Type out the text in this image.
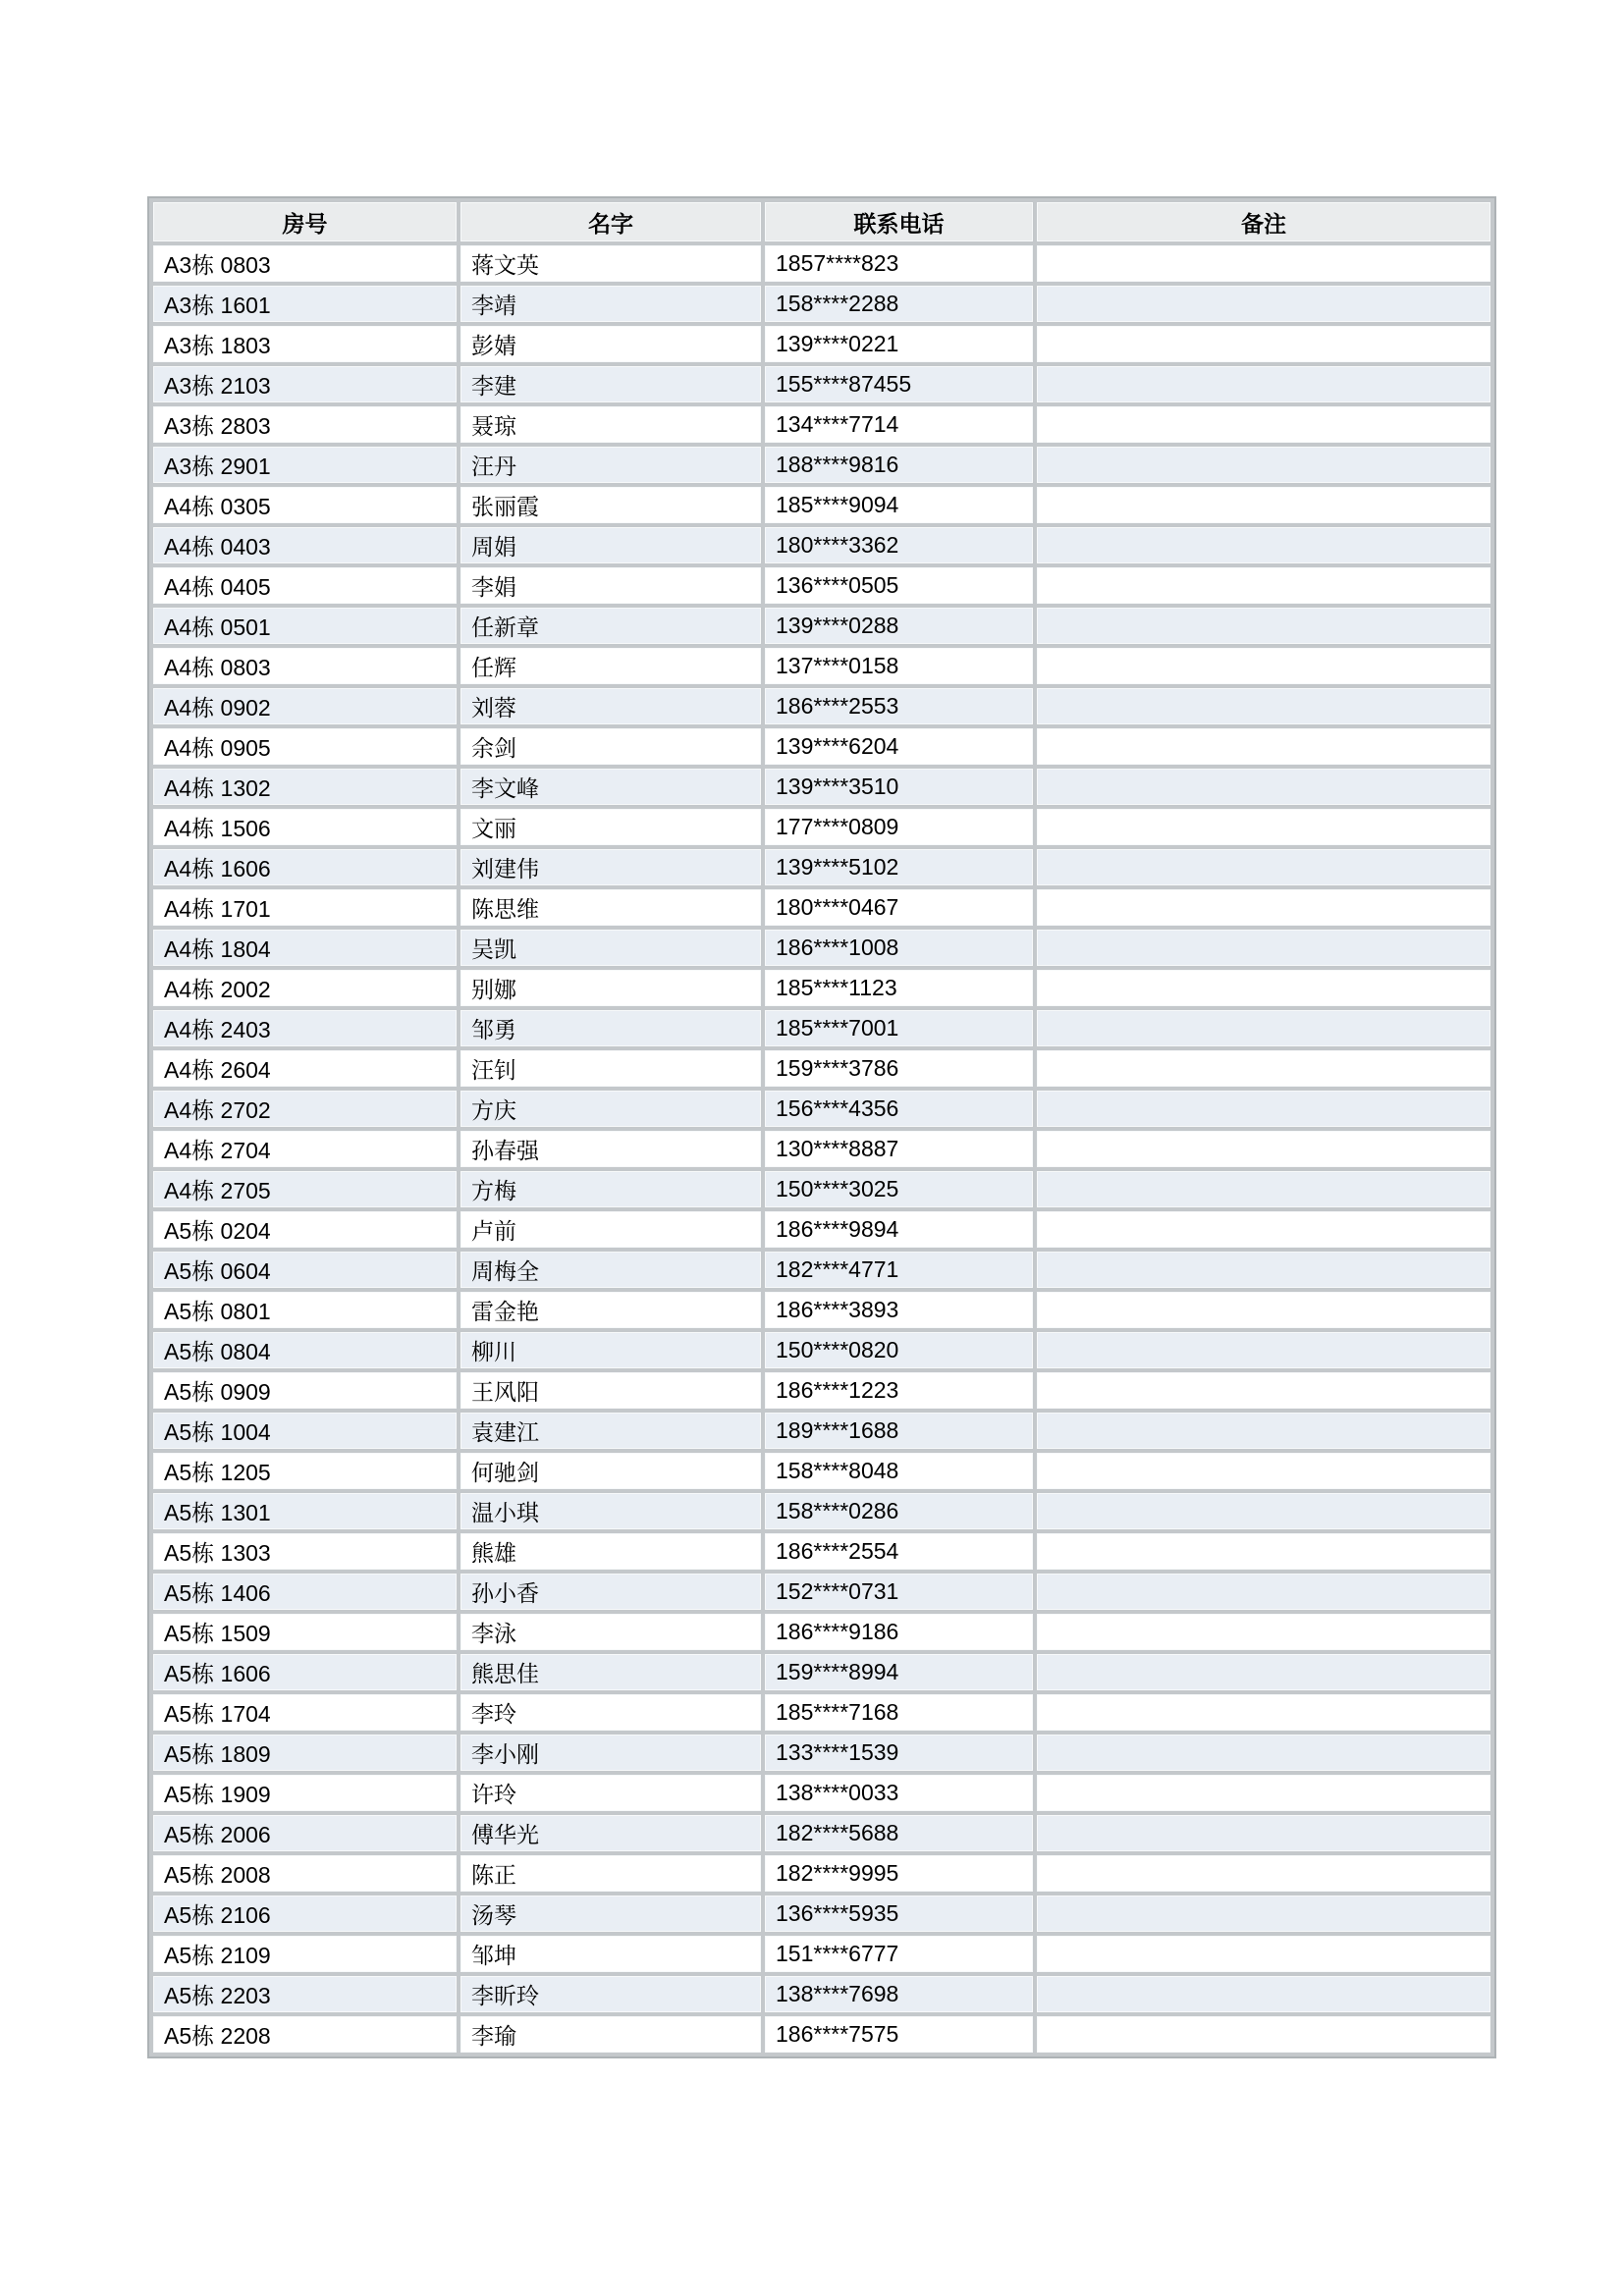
房号	名字	联系电话	备注
A3栋 0803	蒋文英	1857****823	
A3栋 1601	李靖	158****2288	
A3栋 1803	彭婧	139****0221	
A3栋 2103	李建	155****87455	
A3栋 2803	聂琼	134****7714	
A3栋 2901	汪丹	188****9816	
A4栋 0305	张丽霞	185****9094	
A4栋 0403	周娟	180****3362	
A4栋 0405	李娟	136****0505	
A4栋 0501	任新章	139****0288	
A4栋 0803	任辉	137****0158	
A4栋 0902	刘蓉	186****2553	
A4栋 0905	余剑	139****6204	
A4栋 1302	李文峰	139****3510	
A4栋 1506	文丽	177****0809	
A4栋 1606	刘建伟	139****5102	
A4栋 1701	陈思维	180****0467	
A4栋 1804	吴凯	186****1008	
A4栋 2002	别娜	185****1123	
A4栋 2403	邹勇	185****7001	
A4栋 2604	汪钊	159****3786	
A4栋 2702	方庆	156****4356	
A4栋 2704	孙春强	130****8887	
A4栋 2705	方梅	150****3025	
A5栋 0204	卢前	186****9894	
A5栋 0604	周梅全	182****4771	
A5栋 0801	雷金艳	186****3893	
A5栋 0804	柳川	150****0820	
A5栋 0909	王风阳	186****1223	
A5栋 1004	袁建江	189****1688	
A5栋 1205	何驰剑	158****8048	
A5栋 1301	温小琪	158****0286	
A5栋 1303	熊雄	186****2554	
A5栋 1406	孙小香	152****0731	
A5栋 1509	李泳	186****9186	
A5栋 1606	熊思佳	159****8994	
A5栋 1704	李玲	185****7168	
A5栋 1809	李小刚	133****1539	
A5栋 1909	许玲	138****0033	
A5栋 2006	傅华光	182****5688	
A5栋 2008	陈正	182****9995	
A5栋 2106	汤琴	136****5935	
A5栋 2109	邹坤	151****6777	
A5栋 2203	李昕玲	138****7698	
A5栋 2208	李瑜	186****7575	
